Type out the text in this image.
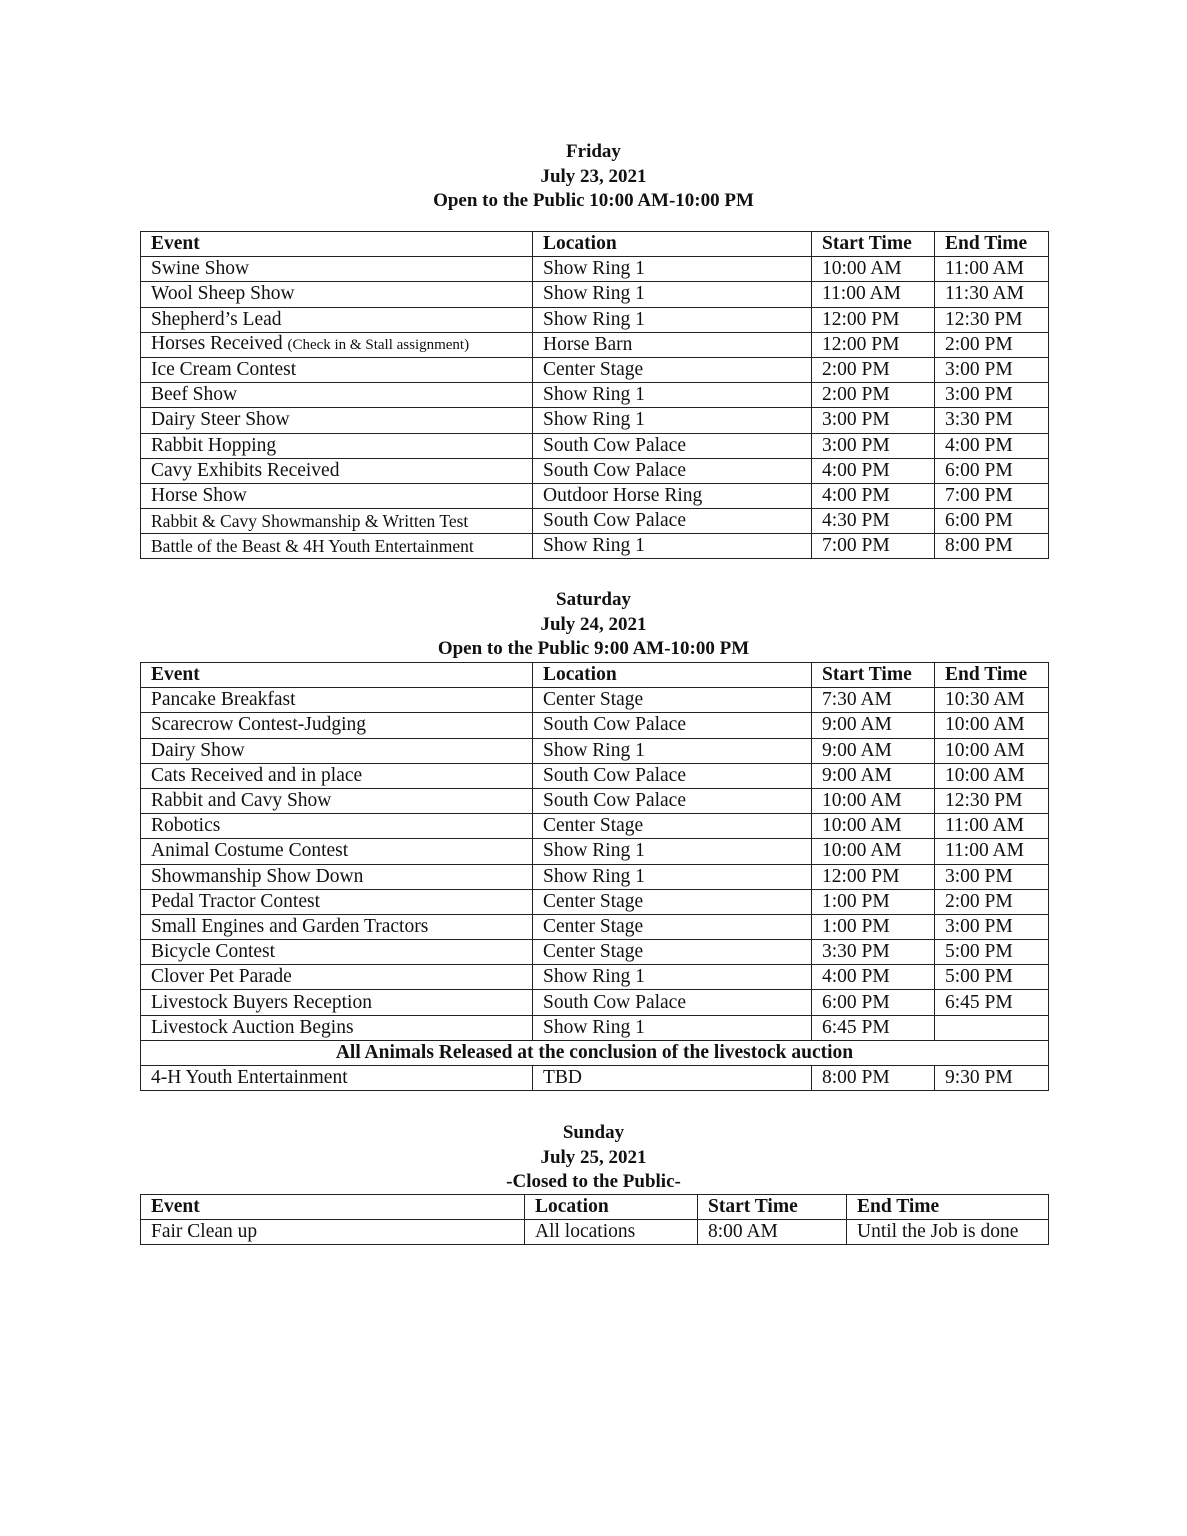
Friday
July 23, 2021
Open to the Public 10:00 AM-10:00 PM
Event	Location	Start Time	End Time
Swine Show	Show Ring 1	10:00 AM	11:00 AM
Wool Sheep Show	Show Ring 1	11:00 AM	11:30 AM
Shepherd’s Lead	Show Ring 1	12:00 PM	12:30 PM
Horses Received (Check in & Stall assignment)	Horse Barn	12:00 PM	2:00 PM
Ice Cream Contest	Center Stage	2:00 PM	3:00 PM
Beef Show	Show Ring 1	2:00 PM	3:00 PM
Dairy Steer Show	Show Ring 1	3:00 PM	3:30 PM
Rabbit Hopping	South Cow Palace	3:00 PM	4:00 PM
Cavy Exhibits Received	South Cow Palace	4:00 PM	6:00 PM
Horse Show	Outdoor Horse Ring	4:00 PM	7:00 PM
Rabbit & Cavy Showmanship & Written Test	South Cow Palace	4:30 PM	6:00 PM
Battle of the Beast & 4H Youth Entertainment	Show Ring 1	7:00 PM	8:00 PM
Saturday
July 24, 2021
Open to the Public 9:00 AM-10:00 PM
Event	Location	Start Time	End Time
Pancake Breakfast	Center Stage	7:30 AM	10:30 AM
Scarecrow Contest-Judging	South Cow Palace	9:00 AM	10:00 AM
Dairy Show	Show Ring 1	9:00 AM	10:00 AM
Cats Received and in place	South Cow Palace	9:00 AM	10:00 AM
Rabbit and Cavy Show	South Cow Palace	10:00 AM	12:30 PM
Robotics	Center Stage	10:00 AM	11:00 AM
Animal Costume Contest	Show Ring 1	10:00 AM	11:00 AM
Showmanship Show Down	Show Ring 1	12:00 PM	3:00 PM
Pedal Tractor Contest	Center Stage	1:00 PM	2:00 PM
Small Engines and Garden Tractors	Center Stage	1:00 PM	3:00 PM
Bicycle Contest	Center Stage	3:30 PM	5:00 PM
Clover Pet Parade	Show Ring 1	4:00 PM	5:00 PM
Livestock Buyers Reception	South Cow Palace	6:00 PM	6:45 PM
Livestock Auction Begins	Show Ring 1	6:45 PM	
All Animals Released at the conclusion of the livestock auction			
4-H Youth Entertainment	TBD	8:00 PM	9:30 PM
Sunday
July 25, 2021
-Closed to the Public-
Event	Location	Start Time	End Time
Fair Clean up	All locations	8:00 AM	Until the Job is done
